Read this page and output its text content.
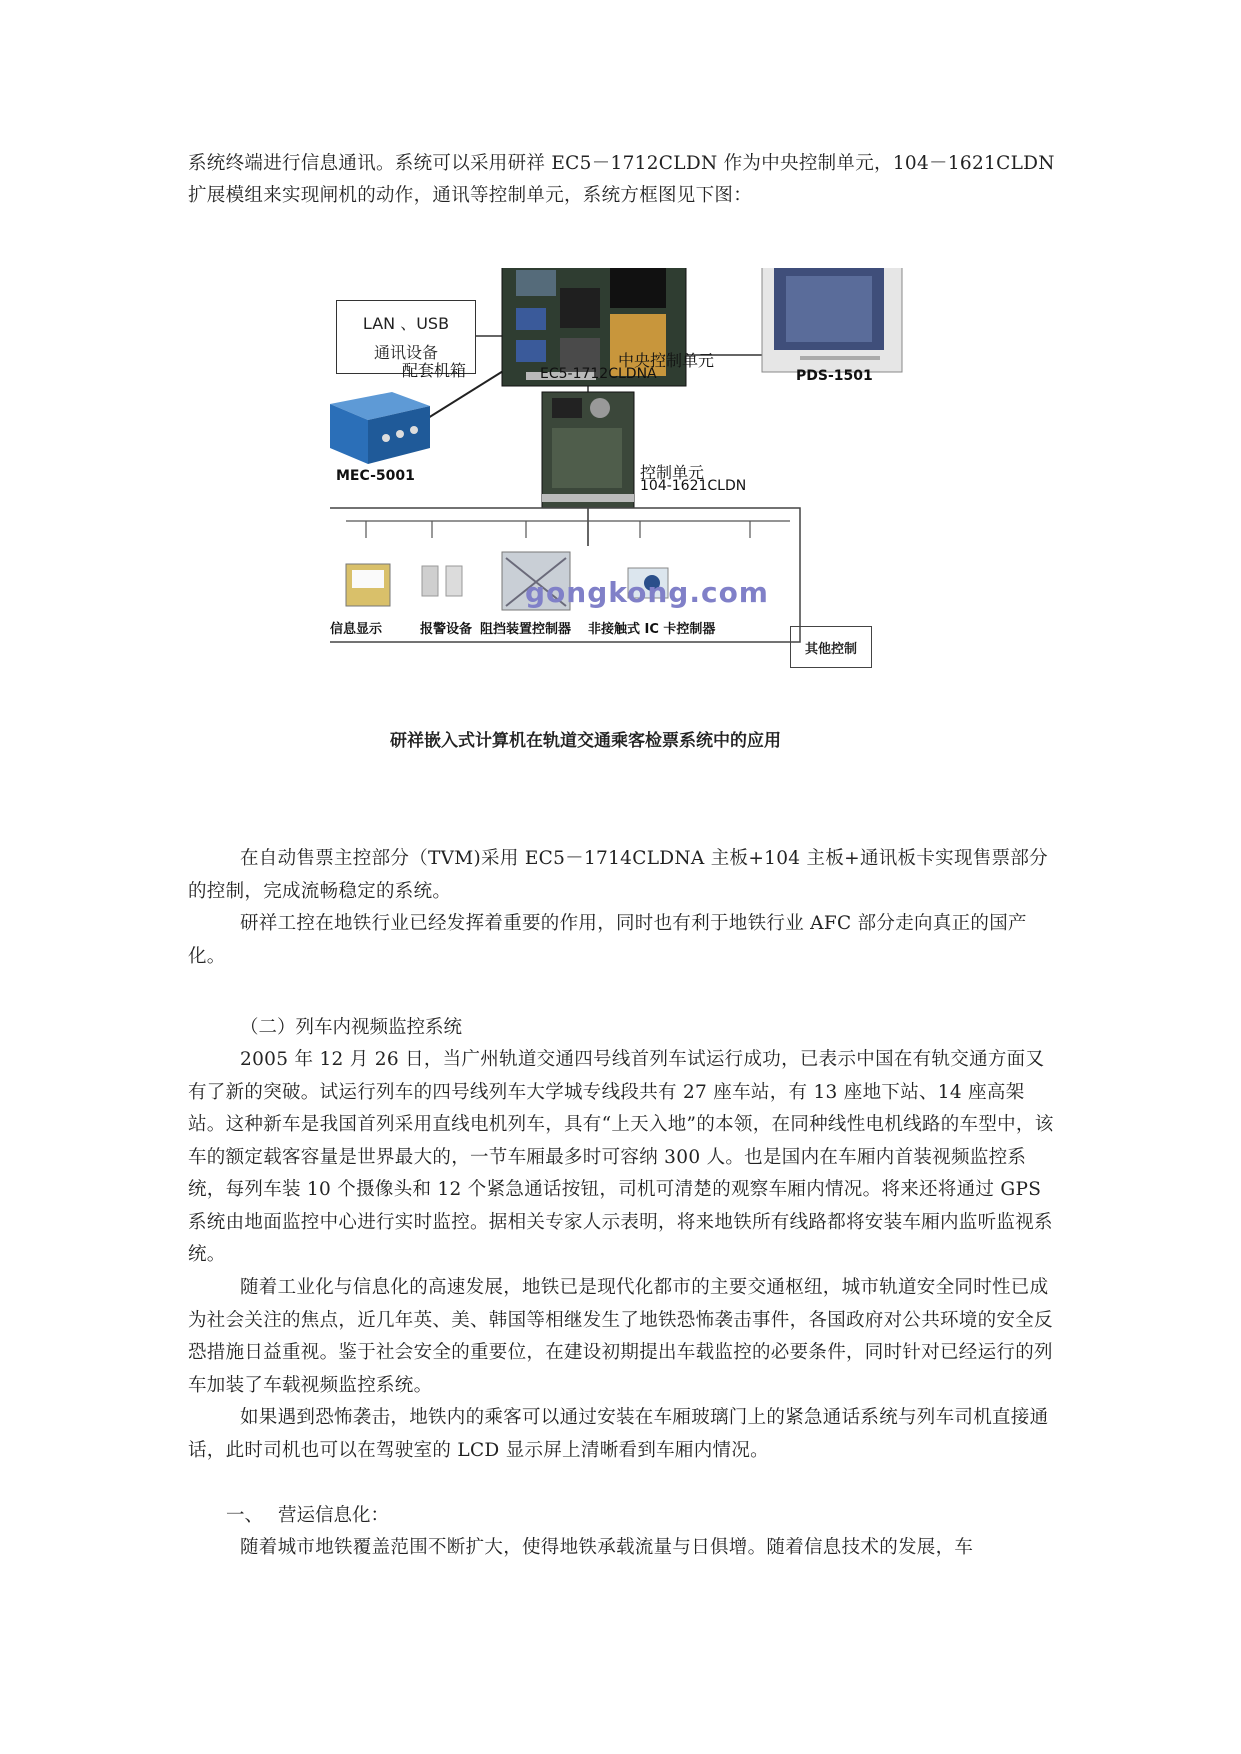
系统终端进行信息通讯。系统可以采用研祥 EC5－1712CLDN 作为中央控制单元，104－1621CLDN

扩展模组来实现闸机的动作，通讯等控制单元，系统方框图见下图：

LAN 、USB
通讯设备
配套机箱
MEC-5001
中央控制单元
EC5-1712CLDNA	PDS-1501
控制单元
104-1621CLDN
gongkong.com
其他控制
信息显示	报警设备 阻挡装置控制器 非接触式 IC 卡控制器
研祥嵌入式计算机在轨道交通乘客检票系统中的应用

在自动售票主控部分（TVM)采用 EC5－1714CLDNA 主板+104 主板+通讯板卡实现售票部分的控制，完成流畅稳定的系统。

研祥工控在地铁行业已经发挥着重要的作用，同时也有利于地铁行业 AFC 部分走向真正的国产化。

（二）列车内视频监控系统

2005 年 12 月 26 日，当广州轨道交通四号线首列车试运行成功，已表示中国在有轨交通方面又有了新的突破。试运行列车的四号线列车大学城专线段共有 27 座车站，有 13 座地下站、14 座高架站。这种新车是我国首列采用直线电机列车，具有“上天入地”的本领，在同种线性电机线路的车型中，该车的额定载客容量是世界最大的，一节车厢最多时可容纳 300 人。也是国内在车厢内首装视频监控系统，每列车装 10 个摄像头和 12 个紧急通话按钮，司机可清楚的观察车厢内情况。将来还将通过 GPS 系统由地面监控中心进行实时监控。据相关专家人示表明，将来地铁所有线路都将安装车厢内监听监视系统。

随着工业化与信息化的高速发展，地铁已是现代化都市的主要交通枢纽，城市轨道安全同时性已成为社会关注的焦点，近几年英、美、韩国等相继发生了地铁恐怖袭击事件，各国政府对公共环境的安全反恐措施日益重视。鉴于社会安全的重要位，在建设初期提出车载监控的必要条件，同时针对已经运行的列车加装了车载视频监控系统。

如果遇到恐怖袭击，地铁内的乘客可以通过安装在车厢玻璃门上的紧急通话系统与列车司机直接通话，此时司机也可以在驾驶室的 LCD 显示屏上清晰看到车厢内情况。

一、 营运信息化：

随着城市地铁覆盖范围不断扩大，使得地铁承载流量与日俱增。随着信息技术的发展，车
